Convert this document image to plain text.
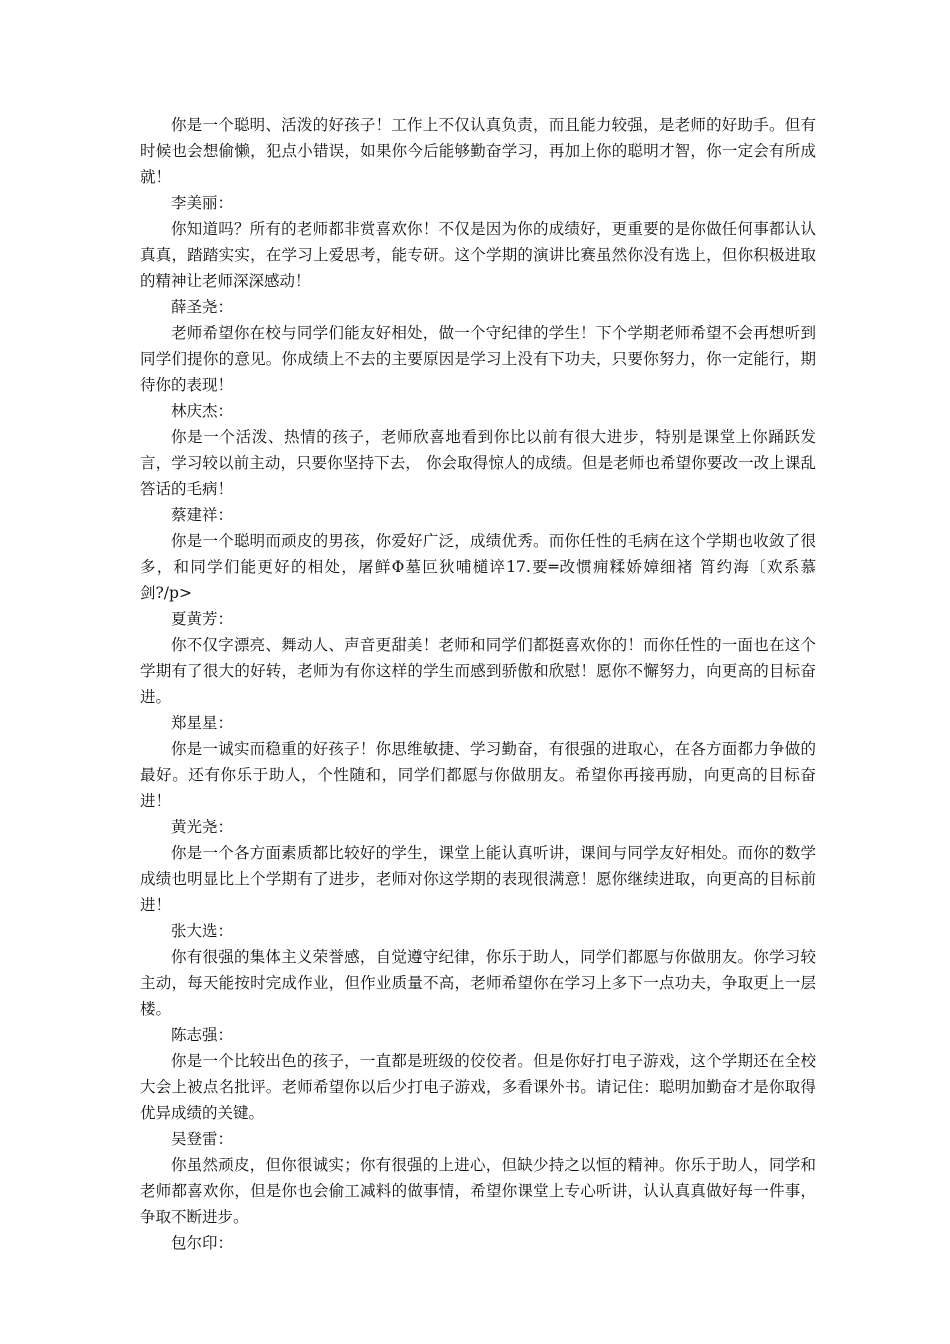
你是一个聪明、活泼的好孩子！工作上不仅认真负责，而且能力较强，是老师的好助手。但有时候也会想偷懒，犯点小错误，如果你今后能够勤奋学习，再加上你的聪明才智，你一定会有所成就！

李美丽：

你知道吗？所有的老师都非赏喜欢你！不仅是因为你的成绩好，更重要的是你做任何事都认认真真，踏踏实实，在学习上爱思考，能专研。这个学期的演讲比赛虽然你没有选上，但你积极进取的精神让老师深深感动！

薛圣尧：

老师希望你在校与同学们能友好相处，做一个守纪律的学生！下个学期老师希望不会再想听到同学们提你的意见。你成绩上不去的主要原因是学习上没有下功夫，只要你努力，你一定能行，期待你的表现！

林庆杰：

你是一个活泼、热情的孩子，老师欣喜地看到你比以前有很大进步，特别是课堂上你踊跃发言，学习较以前主动，只要你坚持下去， 你会取得惊人的成绩。但是老师也希望你要改一改上课乱答话的毛病！

蔡建祥：

你是一个聪明而顽皮的男孩，你爱好广泛，成绩优秀。而你任性的毛病在这个学期也收敛了很多，和同学们能更好的相处，屠鲜Φ墓叵狄哺檤谇17.要═改惯痈糅娇嫜细褚 筲约海〔欢系慕 剑?/p>

夏黄芳：

你不仅字漂亮、舞动人、声音更甜美！老师和同学们都挺喜欢你的！而你任性的一面也在这个学期有了很大的好转，老师为有你这样的学生而感到骄傲和欣慰！愿你不懈努力，向更高的目标奋进。

郑星星：

你是一诚实而稳重的好孩子！你思维敏捷、学习勤奋，有很强的进取心，在各方面都力争做的最好。还有你乐于助人，个性随和，同学们都愿与你做朋友。希望你再接再励，向更高的目标奋进！

黄光尧：

你是一个各方面素质都比较好的学生，课堂上能认真听讲，课间与同学友好相处。而你的数学成绩也明显比上个学期有了进步，老师对你这学期的表现很满意！愿你继续进取，向更高的目标前进！

张大选：

你有很强的集体主义荣誉感，自觉遵守纪律，你乐于助人，同学们都愿与你做朋友。你学习较主动，每天能按时完成作业，但作业质量不高，老师希望你在学习上多下一点功夫，争取更上一层楼。

陈志强：

你是一个比较出色的孩子，一直都是班级的佼佼者。但是你好打电子游戏，这个学期还在全校大会上被点名批评。老师希望你以后少打电子游戏，多看课外书。请记住：聪明加勤奋才是你取得优异成绩的关键。

吴登雷：

你虽然顽皮，但你很诚实；你有很强的上进心，但缺少持之以恒的精神。你乐于助人，同学和老师都喜欢你，但是你也会偷工减料的做事情，希望你课堂上专心听讲，认认真真做好每一件事，争取不断进步。

包尔印：
